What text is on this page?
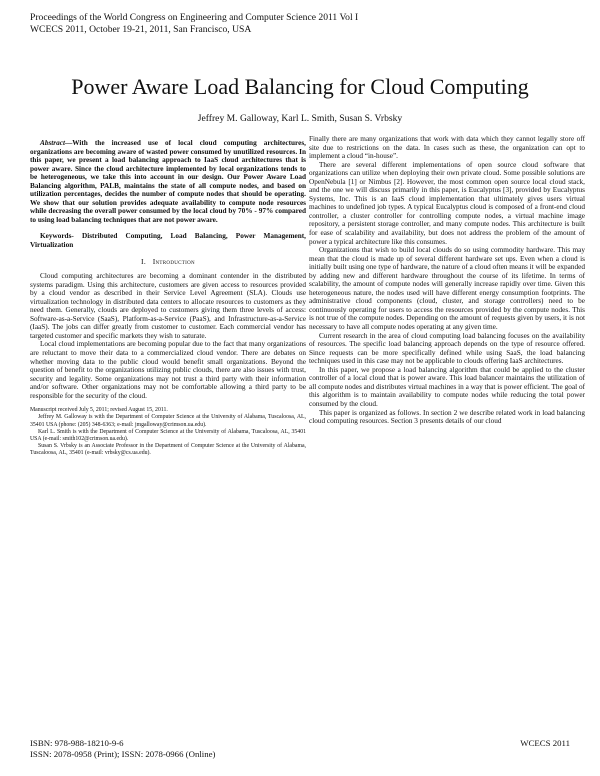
Proceedings of the World Congress on Engineering and Computer Science 2011 Vol I
WCECS 2011, October 19-21, 2011, San Francisco, USA
Power Aware Load Balancing for Cloud Computing
Jeffrey M. Galloway, Karl L. Smith, Susan S. Vrbsky

Abstract—With the increased use of local cloud computing architectures, organizations are becoming aware of wasted power consumed by unutilized resources. In this paper, we present a load balancing approach to IaaS cloud architectures that is power aware. Since the cloud architecture implemented by local organizations tends to be heterogeneous, we take this into account in our design. Our Power Aware Load Balancing algorithm, PALB, maintains the state of all compute nodes, and based on utilization percentages, decides the number of compute nodes that should be operating. We show that our solution provides adequate availability to compute node resources while decreasing the overall power consumed by the local cloud by 70% - 97% compared to using load balancing techniques that are not power aware.

Keywords- Distributed Computing, Load Balancing, Power Management, Virtualization

I. Introduction

Cloud computing architectures are becoming a dominant contender in the distributed systems paradigm. Using this architecture, customers are given access to resources provided by a cloud vendor as described in their Service Level Agreement (SLA). Clouds use virtualization technology in distributed data centers to allocate resources to customers as they need them. Generally, clouds are deployed to customers giving them three levels of access: Software-as-a-Service (SaaS), Platform-as-a-Service (PaaS), and Infrastructure-as-a-Service (IaaS). The jobs can differ greatly from customer to customer. Each commercial vendor has targeted customer and specific markets they wish to saturate.

Local cloud implementations are becoming popular due to the fact that many organizations are reluctant to move their data to a commercialized cloud vendor. There are debates on whether moving data to the public cloud would benefit small organizations. Beyond the question of benefit to the organizations utilizing public clouds, there are also issues with trust, security and legality. Some organizations may not trust a third party with their information and/or software. Other organizations may not be comfortable allowing a third party to be responsible for the security of the cloud.

Manuscript received July 5, 2011; revised August 15, 2011.

Jeffrey M. Galloway is with the Department of Computer Science at the University of Alabama, Tuscaloosa, AL, 35401 USA (phone: (205) 348-6363; e-mail: jmgalloway@crimson.ua.edu).

Karl L. Smith is with the Department of Computer Science at the University of Alabama, Tuscaloosa, AL, 35401 USA (e-mail: smith102@crimson.ua.edu).

Susan S. Vrbsky is an Associate Professor in the Department of Computer Science at the University of Alabama, Tuscaloosa, AL, 35401 (e-mail: vrbsky@cs.ua.edu).

Finally there are many organizations that work with data which they cannot legally store off site due to restrictions on the data. In cases such as these, the organization can opt to implement a cloud “in-house”.

There are several different implementations of open source cloud software that organizations can utilize when deploying their own private cloud. Some possible solutions are OpenNebula [1] or Nimbus [2]. However, the most common open source local cloud stack, and the one we will discuss primarily in this paper, is Eucalyptus [3], provided by Eucalyptus Systems, Inc. This is an IaaS cloud implementation that ultimately gives users virtual machines to undefined job types. A typical Eucalyptus cloud is composed of a front-end cloud controller, a cluster controller for controlling compute nodes, a virtual machine image repository, a persistent storage controller, and many compute nodes. This architecture is built for ease of scalability and availability, but does not address the problem of the amount of power a typical architecture like this consumes.

Organizations that wish to build local clouds do so using commodity hardware. This may mean that the cloud is made up of several different hardware set ups. Even when a cloud is initially built using one type of hardware, the nature of a cloud often means it will be expanded by adding new and different hardware throughout the course of its lifetime. In terms of scalability, the amount of compute nodes will generally increase rapidly over time. Given this heterogeneous nature, the nodes used will have different energy consumption footprints. The administrative cloud components (cloud, cluster, and storage controllers) need to be continuously operating for users to access the resources provided by the compute nodes. This is not true of the compute nodes. Depending on the amount of requests given by users, it is not necessary to have all compute nodes operating at any given time.

Current research in the area of cloud computing load balancing focuses on the availability of resources. The specific load balancing approach depends on the type of resource offered. Since requests can be more specifically defined while using SaaS, the load balancing techniques used in this case may not be applicable to clouds offering IaaS architectures.

In this paper, we propose a load balancing algorithm that could be applied to the cluster controller of a local cloud that is power aware. This load balancer maintains the utilization of all compute nodes and distributes virtual machines in a way that is power efficient. The goal of this algorithm is to maintain availability to compute nodes while reducing the total power consumed by the cloud.

This paper is organized as follows. In section 2 we describe related work in load balancing cloud computing resources. Section 3 presents details of our cloud

ISBN: 978-988-18210-9-6
ISSN: 2078-0958 (Print); ISSN: 2078-0966 (Online)
WCECS 2011
